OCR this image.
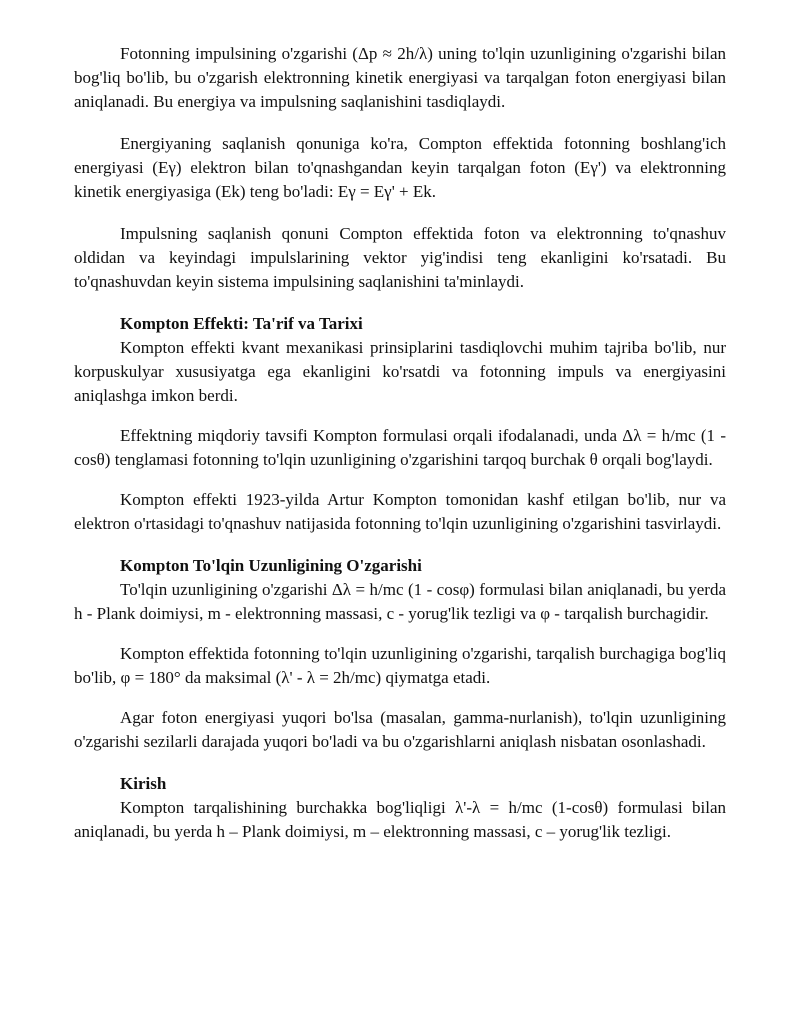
Fotonning impulsining o'zgarishi (Δp ≈ 2h/λ) uning to'lqin uzunligining o'zgarishi bilan bog'liq bo'lib, bu o'zgarish elektronning kinetik energiyasi va tarqalgan foton energiyasi bilan aniqlanadi. Bu energiya va impulsning saqlanishini tasdiqlaydi.

Energiyaning saqlanish qonuniga ko'ra, Compton effektida fotonning boshlang'ich energiyasi (Eγ) elektron bilan to'qnashgandan keyin tarqalgan foton (Eγ') va elektronning kinetik energiyasiga (Ek) teng bo'ladi: Eγ = Eγ' + Ek.

Impulsning saqlanish qonuni Compton effektida foton va elektronning to'qnashuv oldidan va keyindagi impulslarining vektor yig'indisi teng ekanligini ko'rsatadi. Bu to'qnashuvdan keyin sistema impulsining saqlanishini ta'minlaydi.

Kompton Effekti: Ta'rif va Tarixi

Kompton effekti kvant mexanikasi prinsiplarini tasdiqlovchi muhim tajriba bo'lib, nur korpuskulyar xususiyatga ega ekanligini ko'rsatdi va fotonning impuls va energiyasini aniqlashga imkon berdi.

Effektning miqdoriy tavsifi Kompton formulasi orqali ifodalanadi, unda Δλ = h/mc (1 - cosθ) tenglamasi fotonning to'lqin uzunligining o'zgarishini tarqoq burchak θ orqali bog'laydi.

Kompton effekti 1923-yilda Artur Kompton tomonidan kashf etilgan bo'lib, nur va elektron o'rtasidagi to'qnashuv natijasida fotonning to'lqin uzunligining o'zgarishini tasvirlaydi.

Kompton To'lqin Uzunligining O'zgarishi

To'lqin uzunligining o'zgarishi Δλ = h/mc (1 - cosφ) formulasi bilan aniqlanadi, bu yerda h - Plank doimiysi, m - elektronning massasi, c - yorug'lik tezligi va φ - tarqalish burchagidir.

Kompton effektida fotonning to'lqin uzunligining o'zgarishi, tarqalish burchagiga bog'liq bo'lib, φ = 180° da maksimal (λ' - λ = 2h/mc) qiymatga etadi.

Agar foton energiyasi yuqori bo'lsa (masalan, gamma-nurlanish), to'lqin uzunligining o'zgarishi sezilarli darajada yuqori bo'ladi va bu o'zgarishlarni aniqlash nisbatan osonlashadi.

Kirish

Kompton tarqalishining burchakka bog'liqligi λ'-λ = h/mc (1-cosθ) formulasi bilan aniqlanadi, bu yerda h – Plank doimiysi, m – elektronning massasi, c – yorug'lik tezligi.
